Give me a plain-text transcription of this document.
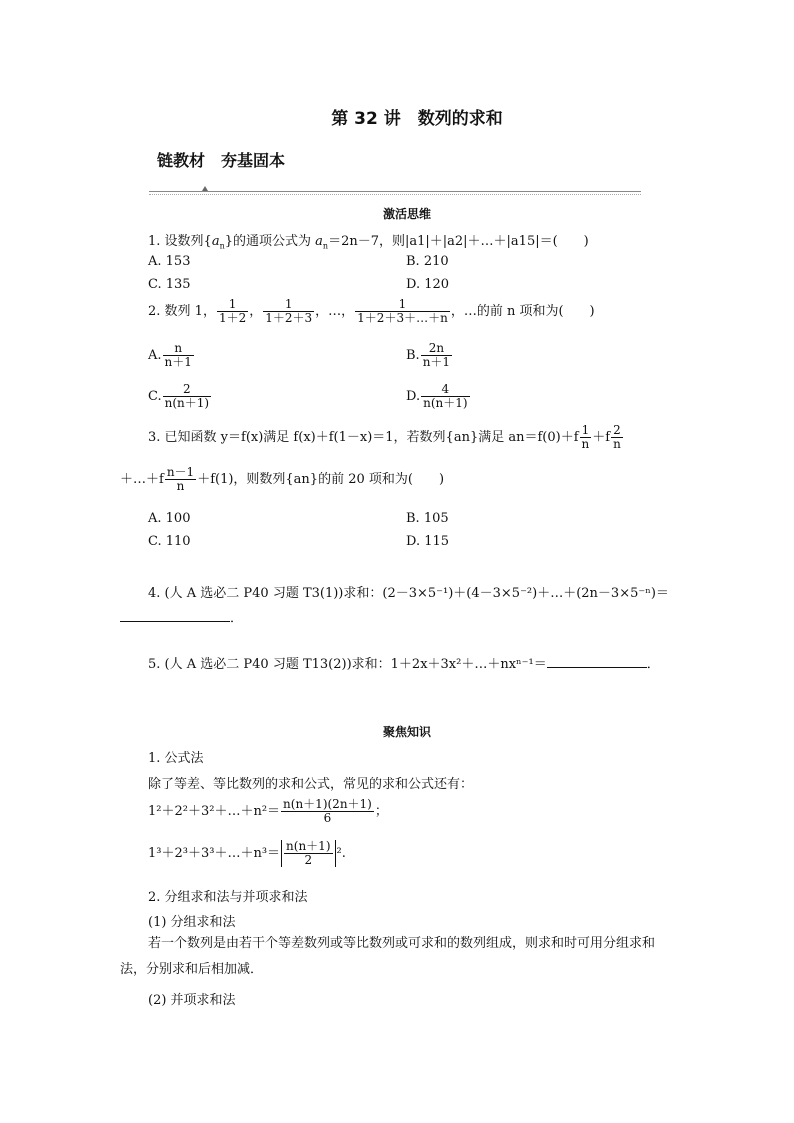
第 32 讲　数列的求和
链教材　夯基固本
激活思维
1. 设数列$\{a_n\}$的通项公式为 $a_n=2n-7$，则|a1|＋|a2|＋…＋|a15|＝(　　)
A. 153	B. 210
C. 135	D. 120
2. 数列 1， $\frac{1}{1+2}$ ， $\frac{1}{1+2+3}$ ，…， $\frac{1}{1+2+3+\dots+n}$ ，…的前 n 项和为(　　)
A. $\frac{n}{n+1}$	B. $\frac{2n}{n+1}$
C. $\frac{2}{n(n+1)}$	D. $\frac{4}{n(n+1)}$
3. 已知函数 y＝f(x)满足 f(x)＋f(1－x)＝1，若数列{an}满足 $an=f(0)+f \frac{1}{n} +f \frac{2}{n}$
＋…＋f $\frac{n-1}{n} +f(1)$，则数列{an}的前 20 项和为(　　)
A. 100	B. 105
C. 110	D. 115
4. (人 A 选必二 P40 习题 T3(1))求和：(2－3×5⁻¹)＋(4－3×5⁻²)＋…＋(2n－3×5⁻ⁿ)＝
．
5. (人 A 选必二 P40 习题 T13(2))求和：1＋2x＋3x²＋…＋nxⁿ⁻¹＝	．
聚焦知识
1. 公式法
除了等差、等比数列的求和公式，常见的求和公式还有：
1²＋2²＋3²＋…＋n²＝ $\frac{n(n+1)(2n+1)}{6}$ ；
1³＋2³＋3³＋…＋n³＝ $\frac{n(n+1)}{2} ^2$.
2. 分组求和法与并项求和法
(1) 分组求和法
若一个数列是由若干个等差数列或等比数列或可求和的数列组成，则求和时可用分组求和法，分别求和后相加减．
(2) 并项求和法
